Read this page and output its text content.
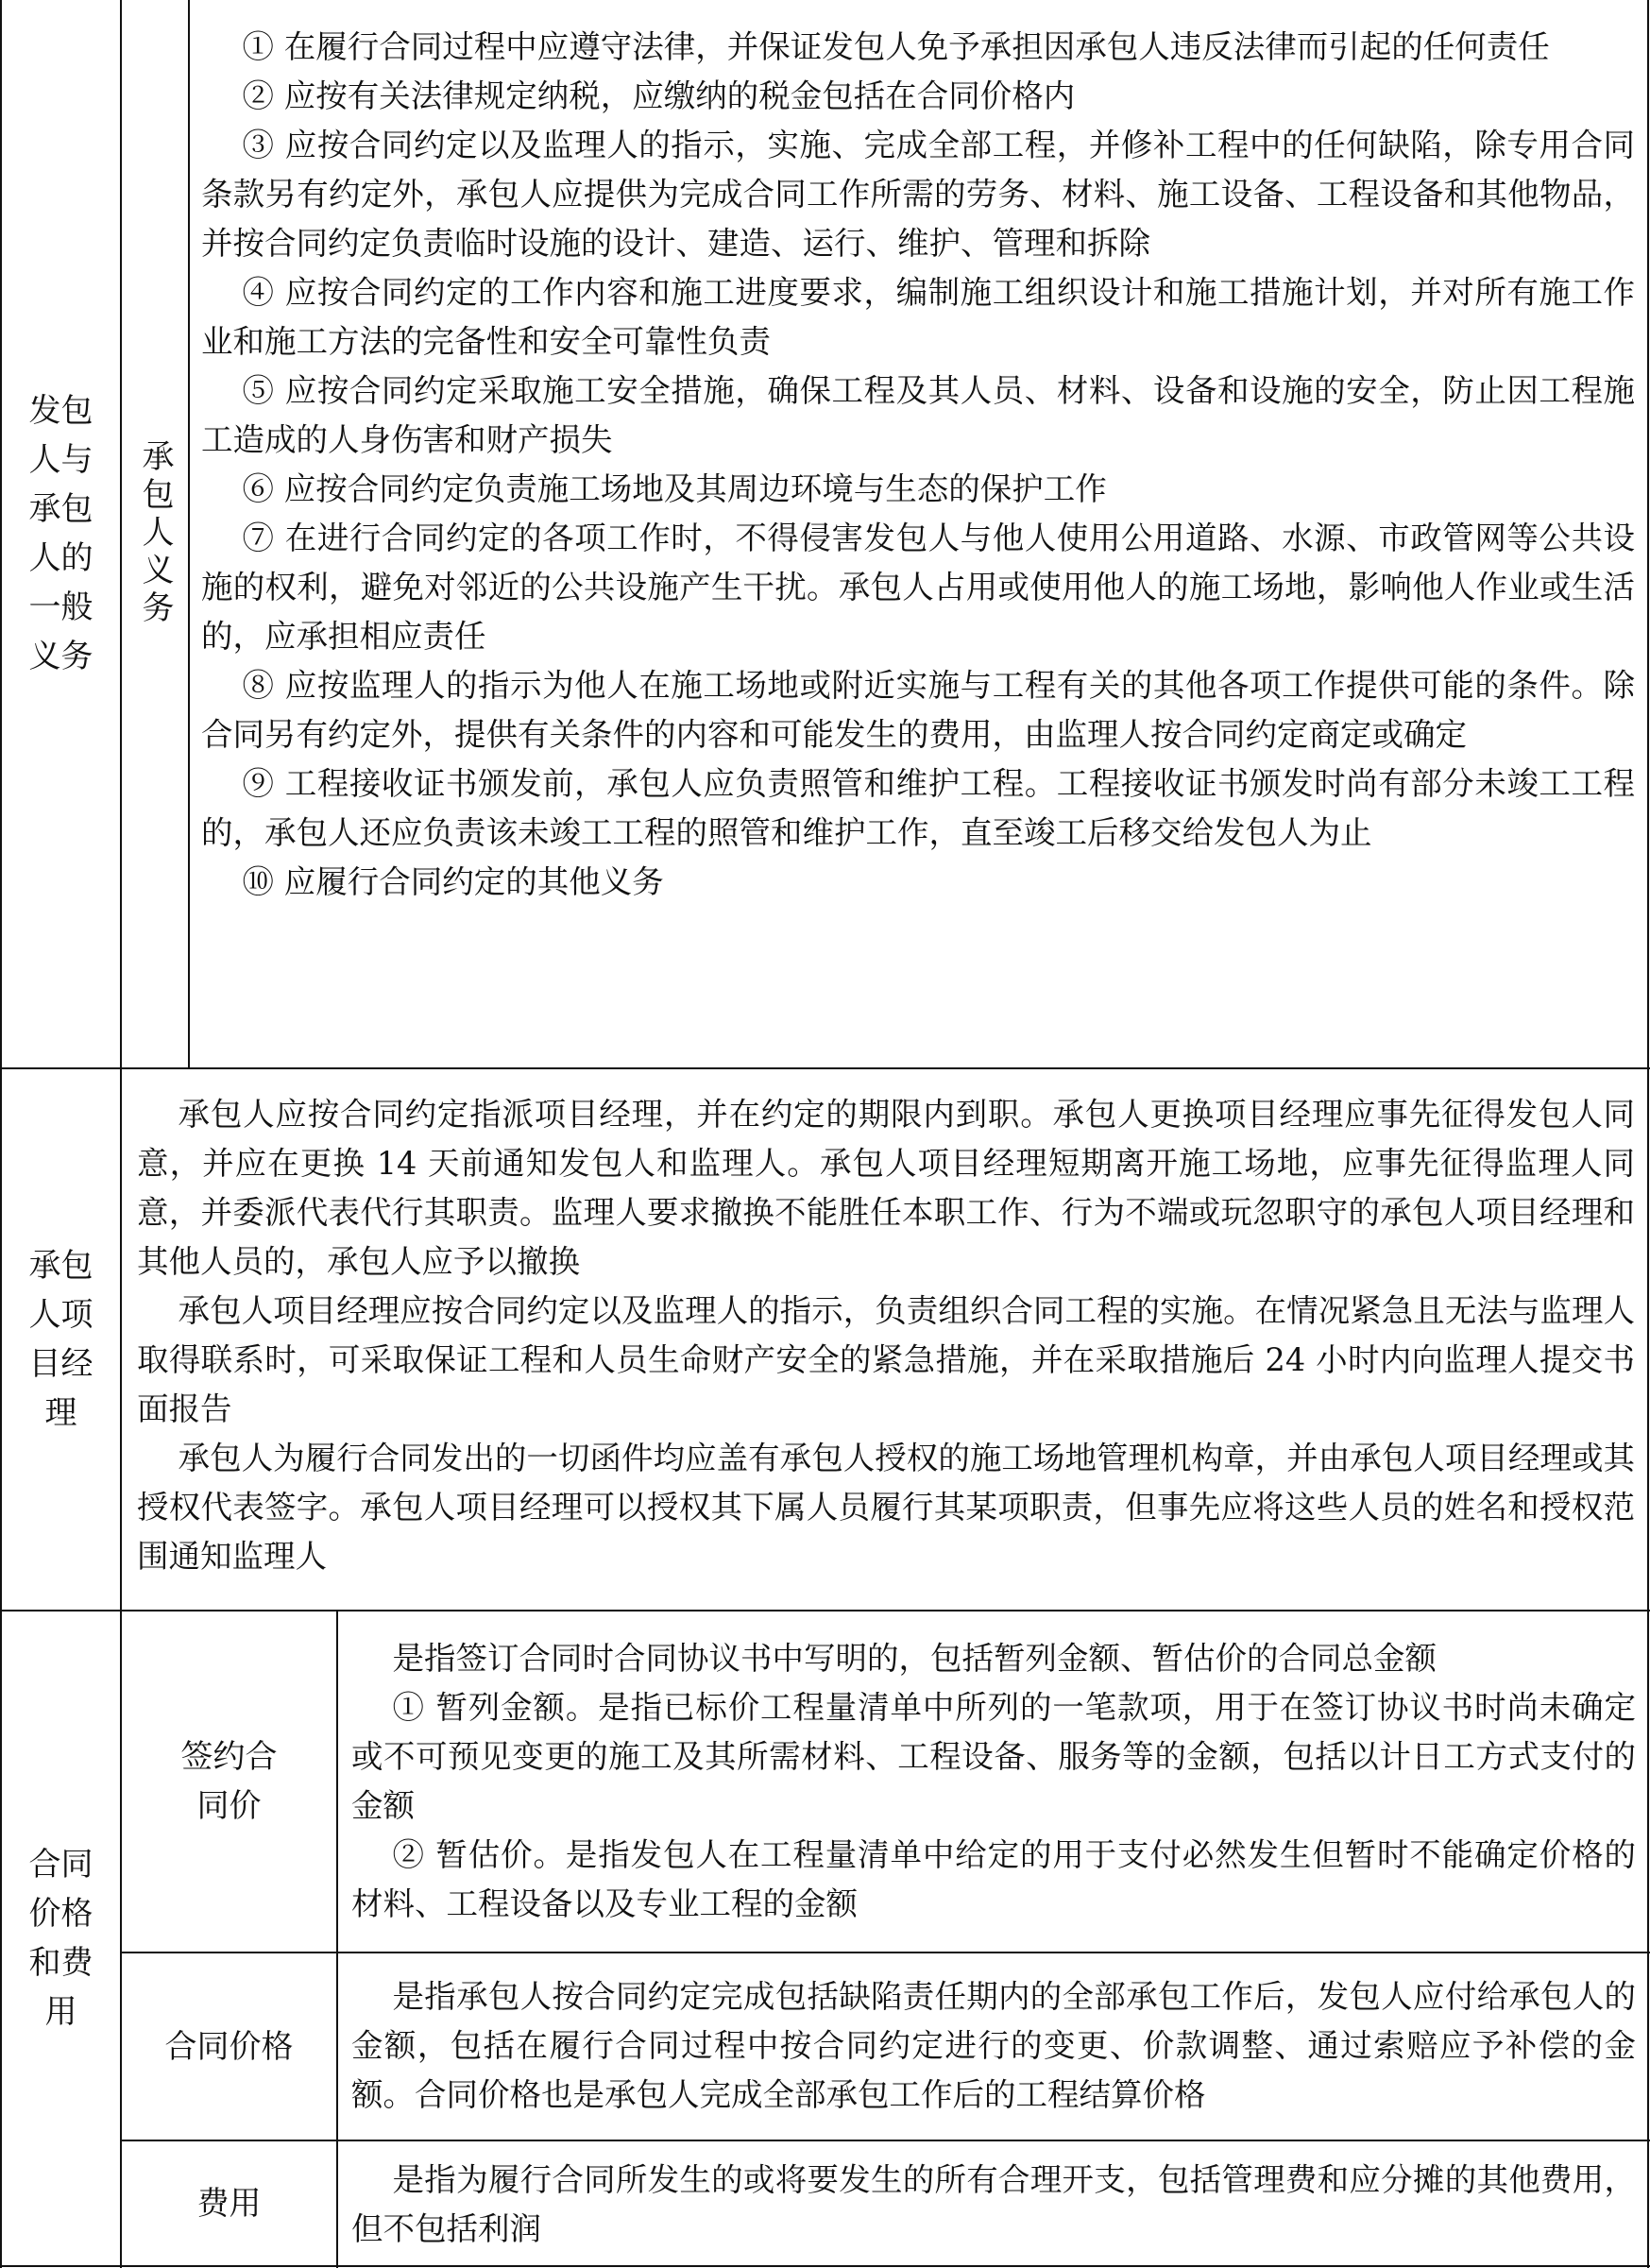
发包
人与
承包
人的
一般
义务
承包人义务

① 在履行合同过程中应遵守法律，并保证发包人免予承担因承包人违反法律而引起的任何责任

② 应按有关法律规定纳税，应缴纳的税金包括在合同价格内

③ 应按合同约定以及监理人的指示，实施、完成全部工程，并修补工程中的任何缺陷，除专用合同条款另有约定外，承包人应提供为完成合同工作所需的劳务、材料、施工设备、工程设备和其他物品，并按合同约定负责临时设施的设计、建造、运行、维护、管理和拆除

④ 应按合同约定的工作内容和施工进度要求，编制施工组织设计和施工措施计划，并对所有施工作业和施工方法的完备性和安全可靠性负责

⑤ 应按合同约定采取施工安全措施，确保工程及其人员、材料、设备和设施的安全，防止因工程施工造成的人身伤害和财产损失

⑥ 应按合同约定负责施工场地及其周边环境与生态的保护工作

⑦ 在进行合同约定的各项工作时，不得侵害发包人与他人使用公用道路、水源、市政管网等公共设施的权利，避免对邻近的公共设施产生干扰。承包人占用或使用他人的施工场地，影响他人作业或生活的，应承担相应责任

⑧ 应按监理人的指示为他人在施工场地或附近实施与工程有关的其他各项工作提供可能的条件。除合同另有约定外，提供有关条件的内容和可能发生的费用，由监理人按合同约定商定或确定

⑨ 工程接收证书颁发前，承包人应负责照管和维护工程。工程接收证书颁发时尚有部分未竣工工程的，承包人还应负责该未竣工工程的照管和维护工作，直至竣工后移交给发包人为止

⑩ 应履行合同约定的其他义务

承包
人项
目经
理

承包人应按合同约定指派项目经理，并在约定的期限内到职。承包人更换项目经理应事先征得发包人同意，并应在更换 14 天前通知发包人和监理人。承包人项目经理短期离开施工场地，应事先征得监理人同意，并委派代表代行其职责。监理人要求撤换不能胜任本职工作、行为不端或玩忽职守的承包人项目经理和其他人员的，承包人应予以撤换

承包人项目经理应按合同约定以及监理人的指示，负责组织合同工程的实施。在情况紧急且无法与监理人取得联系时，可采取保证工程和人员生命财产安全的紧急措施，并在采取措施后 24 小时内向监理人提交书面报告

承包人为履行合同发出的一切函件均应盖有承包人授权的施工场地管理机构章，并由承包人项目经理或其授权代表签字。承包人项目经理可以授权其下属人员履行其某项职责，但事先应将这些人员的姓名和授权范围通知监理人

合同
价格
和费
用
签约合
同价

是指签订合同时合同协议书中写明的，包括暂列金额、暂估价的合同总金额

① 暂列金额。是指已标价工程量清单中所列的一笔款项，用于在签订协议书时尚未确定或不可预见变更的施工及其所需材料、工程设备、服务等的金额，包括以计日工方式支付的金额

② 暂估价。是指发包人在工程量清单中给定的用于支付必然发生但暂时不能确定价格的材料、工程设备以及专业工程的金额

合同价格

是指承包人按合同约定完成包括缺陷责任期内的全部承包工作后，发包人应付给承包人的金额，包括在履行合同过程中按合同约定进行的变更、价款调整、通过索赔应予补偿的金额。合同价格也是承包人完成全部承包工作后的工程结算价格

费用

是指为履行合同所发生的或将要发生的所有合理开支，包括管理费和应分摊的其他费用，但不包括利润
